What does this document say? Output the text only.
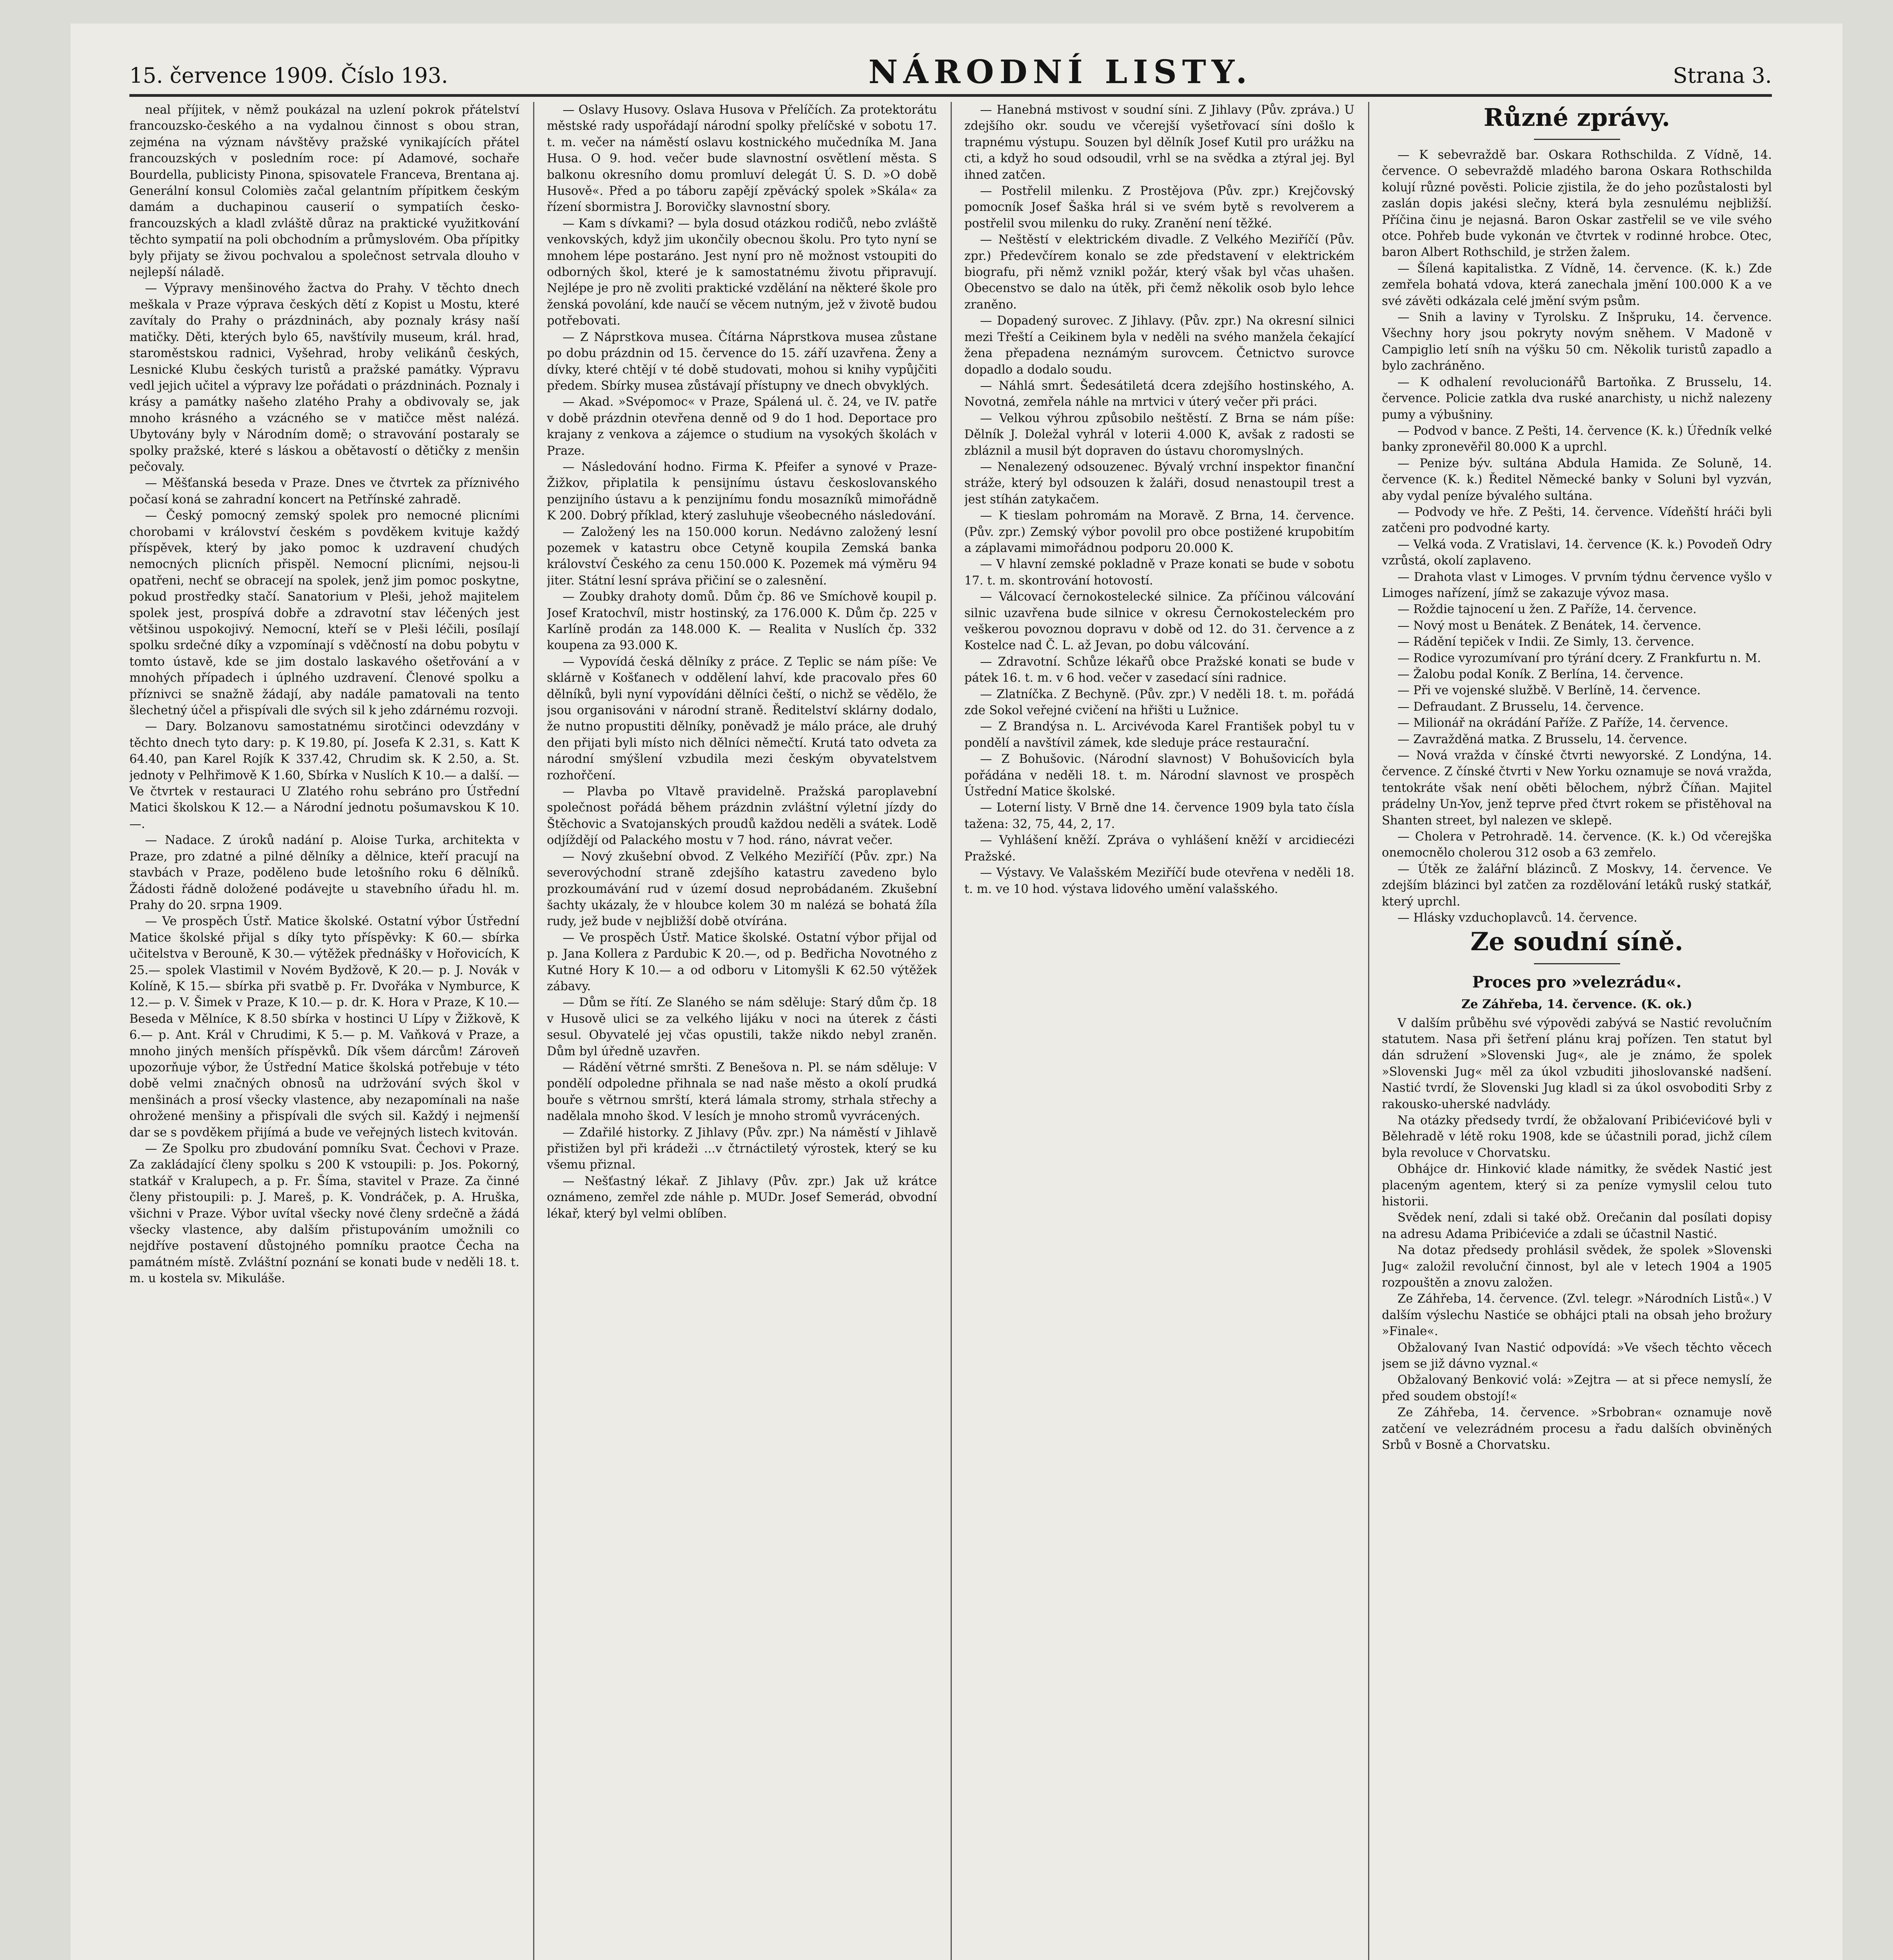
15. července 1909. Číslo 193.	NÁRODNÍ LISTY.	Strana 3.

neal příjitek, v němž poukázal na uzlení pokrok přátelství francouzsko-českého a na vydalnou činnost s obou stran, zejména na význam návštěvy pražské vynikajících přátel francouzských v posledním roce: pí Adamové, sochaře Bourdella, publicisty Pinona, spisovatele Franceva, Brentana aj. Generální konsul Colomiès začal gelantním přípitkem českým damám a duchapinou causerií o sympatiích česko-francouzských a kladl zvláště důraz na praktické využitkování těchto sympatií na poli obchodním a průmyslovém. Oba přípitky byly přijaty se živou pochvalou a společnost setrvala dlouho v nejlepší náladě.

— Výpravy menšinového žactva do Prahy. V těchto dnech meškala v Praze výprava českých dětí z Kopist u Mostu, které zavítaly do Prahy o prázdninách, aby poznaly krásy naší matičky. Děti, kterých bylo 65, navštívily museum, král. hrad, staroměstskou radnici, Vyšehrad, hroby velikánů českých, Lesnické Klubu českých turistů a pražské památky. Výpravu vedl jejich učitel a výpravy lze pořádati o prázdninách. Poznaly i krásy a památky našeho zlatého Prahy a obdivovaly se, jak mnoho krásného a vzácného se v matičce měst nalézá. Ubytovány byly v Národním domě; o stravování postaraly se spolky pražské, které s láskou a obětavostí o dětičky z menšin pečovaly.

— Měšťanská beseda v Praze. Dnes ve čtvrtek za příznivého počasí koná se zahradní koncert na Petřínské zahradě.

— Český pomocný zemský spolek pro nemocné plicními chorobami v království českém s povděkem kvituje každý příspěvek, který by jako pomoc k uzdravení chudých nemocných plicních přispěl. Nemocní plicními, nejsou-li opatřeni, nechť se obracejí na spolek, jenž jim pomoc poskytne, pokud prostředky stačí. Sanatorium v Pleši, jehož majitelem spolek jest, prospívá dobře a zdravotní stav léčených jest většinou uspokojivý. Nemocní, kteří se v Pleši léčili, posílají spolku srdečné díky a vzpomínají s vděčností na dobu pobytu v tomto ústavě, kde se jim dostalo laskavého ošetřování a v mnohých případech i úplného uzdravení. Členové spolku a příznivci se snažně žádají, aby nadále pamatovali na tento šlechetný účel a přispívali dle svých sil k jeho zdárnému rozvoji.

— Dary. Bolzanovu samostatnému sirotčinci odevzdány v těchto dnech tyto dary: p. K 19.80, pí. Josefa K 2.31, s. Katt K 64.40, pan Karel Rojík K 337.42, Chrudim sk. K 2.50, a. St. jednoty v Pelhřimově K 1.60, Sbírka v Nuslích K 10.— a další. — Ve čtvrtek v restauraci U Zlatého rohu sebráno pro Ústřední Matici školskou K 12.— a Národní jednotu pošumavskou K 10.—.

— Nadace. Z úroků nadání p. Aloise Turka, architekta v Praze, pro zdatné a pilné dělníky a dělnice, kteří pracují na stavbách v Praze, poděleno bude letošního roku 6 dělníků. Žádosti řádně doložené podávejte u stavebního úřadu hl. m. Prahy do 20. srpna 1909.

— Ve prospěch Ústř. Matice školské. Ostatní výbor Ústřední Matice školské přijal s díky tyto příspěvky: K 60.— sbírka učitelstva v Berouně, K 30.— výtěžek přednášky v Hořovicích, K 25.— spolek Vlastimil v Novém Bydžově, K 20.— p. J. Novák v Kolíně, K 15.— sbírka při svatbě p. Fr. Dvořáka v Nymburce, K 12.— p. V. Šimek v Praze, K 10.— p. dr. K. Hora v Praze, K 10.— Beseda v Mělníce, K 8.50 sbírka v hostinci U Lípy v Žižkově, K 6.— p. Ant. Král v Chrudimi, K 5.— p. M. Vaňková v Praze, a mnoho jiných menších příspěvků. Dík všem dárcům! Zároveň upozorňuje výbor, že Ústřední Matice školská potřebuje v této době velmi značných obnosů na udržování svých škol v menšinách a prosí všecky vlastence, aby nezapomínali na naše ohrožené menšiny a přispívali dle svých sil. Každý i nejmenší dar se s povděkem přijímá a bude ve veřejných listech kvitován.

— Ze Spolku pro zbudování pomníku Svat. Čechovi v Praze. Za zakládající členy spolku s 200 K vstoupili: p. Jos. Pokorný, statkář v Kralupech, a p. Fr. Šíma, stavitel v Praze. Za činné členy přistoupili: p. J. Mareš, p. K. Vondráček, p. A. Hruška, všichni v Praze. Výbor uvítal všecky nové členy srdečně a žádá všecky vlastence, aby dalším přistupováním umožnili co nejdříve postavení důstojného pomníku praotce Čecha na památném místě. Zvláštní poznání se konati bude v neděli 18. t. m. u kostela sv. Mikuláše.

— Oslavy Husovy. Oslava Husova v Přelíčích. Za protektorátu městské rady uspořádají národní spolky přelíčské v sobotu 17. t. m. večer na náměstí oslavu kostnického mučedníka M. Jana Husa. O 9. hod. večer bude slavnostní osvětlení města. S balkonu okresního domu promluví delegát Ú. S. D. »O době Husově«. Před a po táboru zapějí zpěvácký spolek »Skála« za řízení sbormistra J. Borovičky slavnostní sbory.

— Kam s dívkami? — byla dosud otázkou rodičů, nebo zvláště venkovských, když jim ukončily obecnou školu. Pro tyto nyní se mnohem lépe postaráno. Jest nyní pro ně možnost vstoupiti do odborných škol, které je k samostatnému životu připravují. Nejlépe je pro ně zvoliti praktické vzdělání na některé škole pro ženská povolání, kde naučí se věcem nutným, jež v životě budou potřebovati.

— Z Náprstkova musea. Čítárna Náprstkova musea zůstane po dobu prázdnin od 15. července do 15. září uzavřena. Ženy a dívky, které chtějí v té době studovati, mohou si knihy vypůjčiti předem. Sbírky musea zůstávají přístupny ve dnech obvyklých.

— Akad. »Svépomoc« v Praze, Spálená ul. č. 24, ve IV. patře v době prázdnin otevřena denně od 9 do 1 hod. Deportace pro krajany z venkova a zájemce o studium na vysokých školách v Praze.

— Následování hodno. Firma K. Pfeifer a synové v Praze-Žižkov, připlatila k pensijnímu ústavu českoslovanského penzijního ústavu a k penzijnímu fondu mosazníků mimořádně K 200. Dobrý příklad, který zasluhuje všeobecného následování.

— Založený les na 150.000 korun. Nedávno založený lesní pozemek v katastru obce Cetyně koupila Zemská banka království Českého za cenu 150.000 K. Pozemek má výměru 94 jiter. Státní lesní správa přičiní se o zalesnění.

— Zoubky drahoty domů. Dům čp. 86 ve Smíchově koupil p. Josef Kratochvíl, mistr hostinský, za 176.000 K. Dům čp. 225 v Karlíně prodán za 148.000 K. — Realita v Nuslích čp. 332 koupena za 93.000 K.

— Vypovídá česká dělníky z práce. Z Teplic se nám píše: Ve sklárně v Košťanech v oddělení lahví, kde pracovalo přes 60 dělníků, byli nyní vypovídáni dělníci čeští, o nichž se vědělo, že jsou organisováni v národní straně. Ředitelství sklárny dodalo, že nutno propustiti dělníky, poněvadž je málo práce, ale druhý den přijati byli místo nich dělníci němečtí. Krutá tato odveta za národní smýšlení vzbudila mezi českým obyvatelstvem rozhořčení.

— Plavba po Vltavě pravidelně. Pražská paroplavební společnost pořádá během prázdnin zvláštní výletní jízdy do Štěchovic a Svatojanských proudů každou neděli a svátek. Lodě odjíždějí od Palackého mostu v 7 hod. ráno, návrat večer.

— Nový zkušební obvod. Z Velkého Meziříčí (Pův. zpr.) Na severovýchodní straně zdejšího katastru zavedeno bylo prozkoumávání rud v území dosud neprobádaném. Zkušební šachty ukázaly, že v hloubce kolem 30 m nalézá se bohatá žíla rudy, jež bude v nejbližší době otvírána.

— Ve prospěch Ústř. Matice školské. Ostatní výbor přijal od p. Jana Kollera z Pardubic K 20.—, od p. Bedřicha Novotného z Kutné Hory K 10.— a od odboru v Litomyšli K 62.50 výtěžek zábavy.

— Dům se řítí. Ze Slaného se nám sděluje: Starý dům čp. 18 v Husově ulici se za velkého lijáku v noci na úterek z části sesul. Obyvatelé jej včas opustili, takže nikdo nebyl zraněn. Dům byl úředně uzavřen.

— Rádění větrné smršti. Z Benešova n. Pl. se nám sděluje: V pondělí odpoledne přihnala se nad naše město a okolí prudká bouře s větrnou smrští, která lámala stromy, strhala střechy a nadělala mnoho škod. V lesích je mnoho stromů vyvrácených.

— Zdařilé historky. Z Jihlavy (Pův. zpr.) Na náměstí v Jihlavě přistižen byl při krádeži ...v čtrnáctiletý výrostek, který se ku všemu přiznal.

— Nešťastný lékař. Z Jihlavy (Pův. zpr.) Jak už krátce oznámeno, zemřel zde náhle p. MUDr. Josef Semerád, obvodní lékař, který byl velmi oblíben.

— Hanebná mstivost v soudní síni. Z Jihlavy (Pův. zpráva.) U zdejšího okr. soudu ve včerejší vyšetřovací síni došlo k trapnému výstupu. Souzen byl dělník Josef Kutil pro urážku na cti, a když ho soud odsoudil, vrhl se na svědka a ztýral jej. Byl ihned zatčen.

— Postřelil milenku. Z Prostějova (Pův. zpr.) Krejčovský pomocník Josef Šaška hrál si ve svém bytě s revolverem a postřelil svou milenku do ruky. Zranění není těžké.

— Neštěstí v elektrickém divadle. Z Velkého Meziříčí (Pův. zpr.) Předevčírem konalo se zde představení v elektrickém biografu, při němž vznikl požár, který však byl včas uhašen. Obecenstvo se dalo na útěk, při čemž několik osob bylo lehce zraněno.

— Dopadený surovec. Z Jihlavy. (Pův. zpr.) Na okresní silnici mezi Třeští a Ceikinem byla v neděli na svého manžela čekající žena přepadena neznámým surovcem. Četnictvo surovce dopadlo a dodalo soudu.

— Náhlá smrt. Šedesátiletá dcera zdejšího hostinského, A. Novotná, zemřela náhle na mrtvici v úterý večer při práci.

— Velkou výhrou způsobilo neštěstí. Z Brna se nám píše: Dělník J. Doležal vyhrál v loterii 4.000 K, avšak z radosti se zbláznil a musil být dopraven do ústavu choromyslných.

— Nenalezený odsouzenec. Bývalý vrchní inspektor finanční stráže, který byl odsouzen k žaláři, dosud nenastoupil trest a jest stíhán zatykačem.

— K tieslam pohromám na Moravě. Z Brna, 14. července. (Pův. zpr.) Zemský výbor povolil pro obce postižené krupobitím a záplavami mimořádnou podporu 20.000 K.

— V hlavní zemské pokladně v Praze konati se bude v sobotu 17. t. m. skontrování hotovostí.

— Válcovací černokostelecké silnice. Za příčinou válcování silnic uzavřena bude silnice v okresu Černokosteleckém pro veškerou povoznou dopravu v době od 12. do 31. července a z Kostelce nad Č. L. až Jevan, po dobu válcování.

— Zdravotní. Schůze lékařů obce Pražské konati se bude v pátek 16. t. m. v 6 hod. večer v zasedací síni radnice.

— Zlatníčka. Z Bechyně. (Pův. zpr.) V neděli 18. t. m. pořádá zde Sokol veřejné cvičení na hřišti u Lužnice.

— Z Brandýsa n. L. Arcivévoda Karel František pobyl tu v pondělí a navštívil zámek, kde sleduje práce restaurační.

— Z Bohušovic. (Národní slavnost) V Bohušovicích byla pořádána v neděli 18. t. m. Národní slavnost ve prospěch Ústřední Matice školské.

— Loterní listy. V Brně dne 14. července 1909 byla tato čísla tažena: 32, 75, 44, 2, 17.

— Vyhlášení kněží. Zpráva o vyhlášení kněží v arcidiecézi Pražské.

— Výstavy. Ve Valašském Meziříčí bude otevřena v neděli 18. t. m. ve 10 hod. výstava lidového umění valašského.

Různé zprávy.

— K sebevraždě bar. Oskara Rothschilda. Z Vídně, 14. července. O sebevraždě mladého barona Oskara Rothschilda kolují různé pověsti. Policie zjistila, že do jeho pozůstalosti byl zaslán dopis jakési slečny, která byla zesnulému nejbližší. Příčina činu je nejasná. Baron Oskar zastřelil se ve vile svého otce. Pohřeb bude vykonán ve čtvrtek v rodinné hrobce. Otec, baron Albert Rothschild, je stržen žalem.

— Šílená kapitalistka. Z Vídně, 14. července. (K. k.) Zde zemřela bohatá vdova, která zanechala jmění 100.000 K a ve své závěti odkázala celé jmění svým psům.

— Snih a laviny v Tyrolsku. Z Inšpruku, 14. července. Všechny hory jsou pokryty novým sněhem. V Madoně v Campiglio letí sníh na výšku 50 cm. Několik turistů zapadlo a bylo zachráněno.

— K odhalení revolucionářů Bartoňka. Z Brusselu, 14. července. Policie zatkla dva ruské anarchisty, u nichž nalezeny pumy a výbušniny.

— Podvod v bance. Z Pešti, 14. července (K. k.) Úředník velké banky zpronevěřil 80.000 K a uprchl.

— Penize býv. sultána Abdula Hamida. Ze Soluně, 14. července (K. k.) Ředitel Německé banky v Soluni byl vyzván, aby vydal peníze bývalého sultána.

— Podvody ve hře. Z Pešti, 14. července. Vídeňští hráči byli zatčeni pro podvodné karty.

— Velká voda. Z Vratislavi, 14. července (K. k.) Povodeň Odry vzrůstá, okolí zaplaveno.

— Drahota vlast v Limoges. V prvním týdnu července vyšlo v Limoges nařízení, jímž se zakazuje vývoz masa.

— Roždie tajnocení u žen. Z Paříže, 14. července.

— Nový most u Benátek. Z Benátek, 14. července.

— Rádění tepiček v Indii. Ze Simly, 13. července.

— Rodice vyrozumívaní pro týrání dcery. Z Frankfurtu n. M.

— Žalobu podal Koník. Z Berlína, 14. července.

— Při ve vojenské službě. V Berlíně, 14. července.

— Defraudant. Z Brusselu, 14. července.

— Milionář na okrádání Paříže. Z Paříže, 14. července.

— Zavražděná matka. Z Brusselu, 14. července.

— Nová vražda v čínské čtvrti newyorské. Z Londýna, 14. července. Z čínské čtvrti v New Yorku oznamuje se nová vražda, tentokráte však není oběti bělochem, nýbrž Číňan. Majitel prádelny Un-Yov, jenž teprve před čtvrt rokem se přistěhoval na Shanten street, byl nalezen ve sklepě.

— Cholera v Petrohradě. 14. července. (K. k.) Od včerejška onemocnělo cholerou 312 osob a 63 zemřelo.

— Útěk ze žalářní blázinců. Z Moskvy, 14. července. Ve zdejším blázinci byl zatčen za rozdělování letáků ruský statkář, který uprchl.

— Hlásky vzduchoplavců. 14. července.

Ze soudní síně.

Proces pro »velezrádu«.

Ze Záhřeba, 14. července. (K. ok.)

V dalším průběhu své výpovědi zabývá se Nastić revolučním statutem. Nasa při šetření plánu kraj pořízen. Ten statut byl dán sdružení »Slovenski Jug«, ale je známo, že spolek »Slovenski Jug« měl za úkol vzbuditi jihoslovanské nadšení. Nastić tvrdí, že Slovenski Jug kladl si za úkol osvoboditi Srby z rakousko-uherské nadvlády.

Na otázky předsedy tvrdí, že obžalovaní Pribićevićové byli v Bělehradě v létě roku 1908, kde se účastnili porad, jichž cílem byla revoluce v Chorvatsku.

Obhájce dr. Hinković klade námitky, že svědek Nastić jest placeným agentem, který si za peníze vymyslil celou tuto historii.

Svědek není, zdali si také obž. Orečanin dal posílati dopisy na adresu Adama Pribićeviće a zdali se účastnil Nastić.

Na dotaz předsedy prohlásil svědek, že spolek »Slovenski Jug« založil revoluční činnost, byl ale v letech 1904 a 1905 rozpouštěn a znovu založen.

Ze Záhřeba, 14. července. (Zvl. telegr. »Národních Listů«.) V dalším výslechu Nastiće se obhájci ptali na obsah jeho brožury »Finale«.

Obžalovaný Ivan Nastić odpovídá: »Ve všech těchto věcech jsem se již dávno vyznal.«

Obžalovaný Benković volá: »Zejtra — at si přece nemyslí, že před soudem obstojí!«

Ze Záhřeba, 14. července. »Srbobran« oznamuje nově zatčení ve velezrádném procesu a řadu dalších obviněných Srbů v Bosně a Chorvatsku.
